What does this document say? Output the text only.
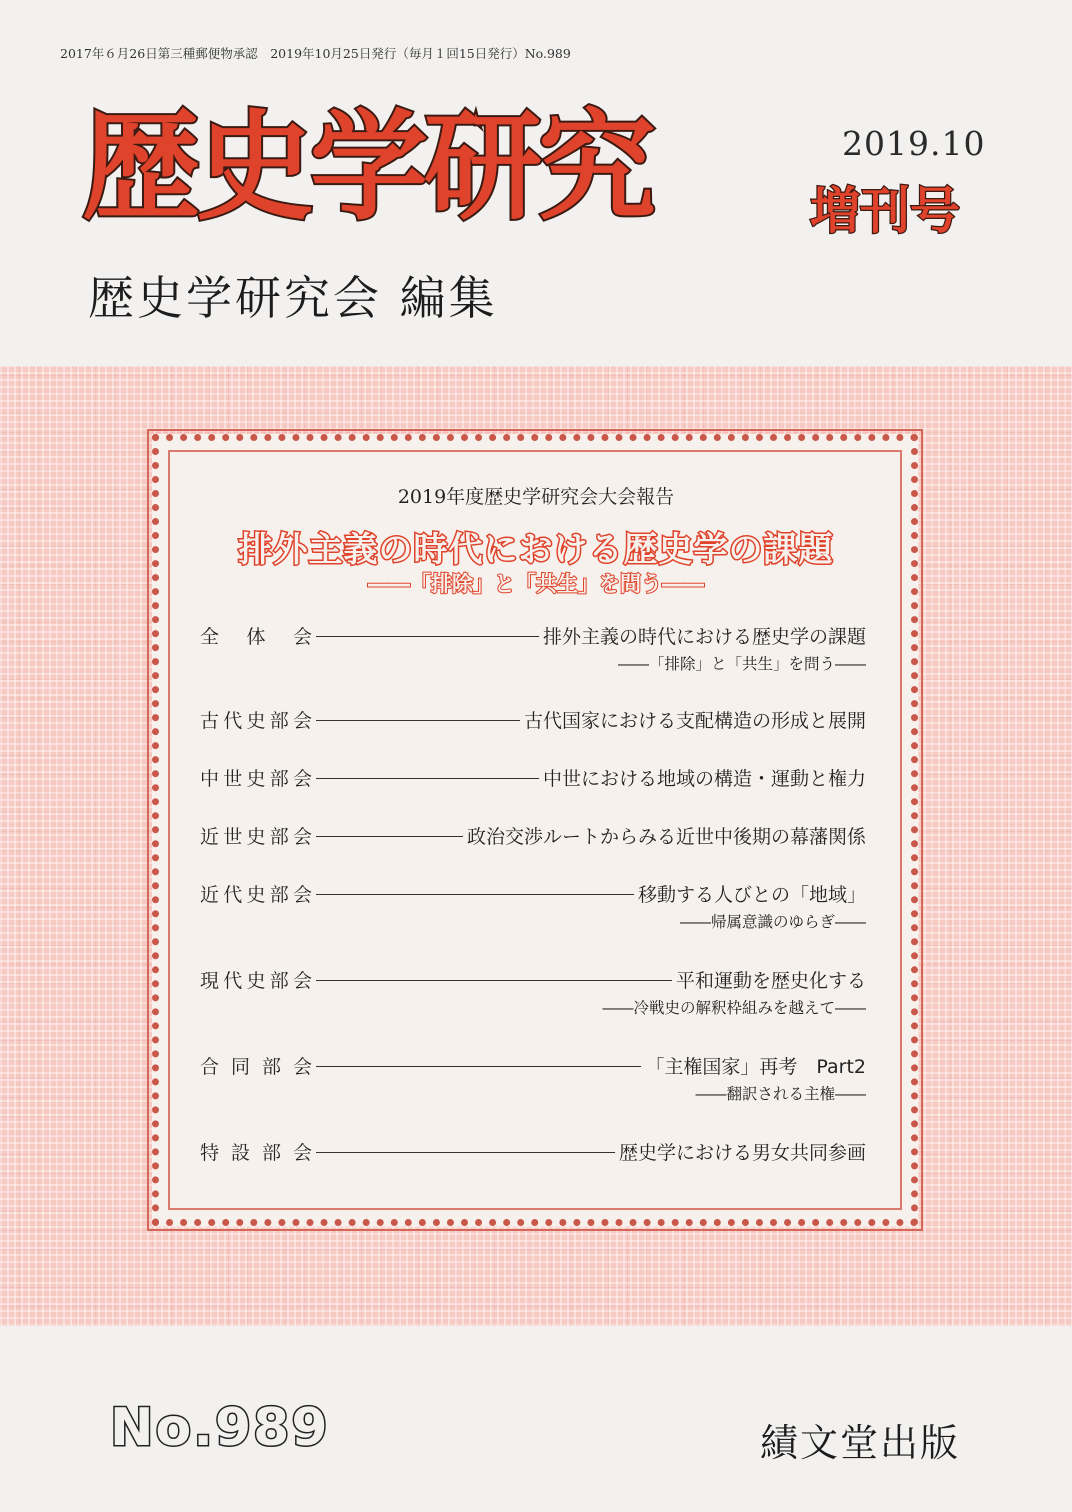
2017年６月26日第三種郵便物承認　2019年10月25日発行（毎月１回15日発行）No.989
歴史学研究	2019.10
増刊号
歴史学研究会 編集
2019年度歴史学研究会大会報告
排外主義の時代における歴史学の課題
――「排除」と「共生」を問う――
全 体 会	排外主義の時代における歴史学の課題
――「排除」と「共生」を問う――
古代史部会	古代国家における支配構造の形成と展開
中世史部会	中世における地域の構造・運動と権力
近世史部会	政治交渉ルートからみる近世中後期の幕藩関係
近代史部会	移動する人びとの「地域」
――帰属意識のゆらぎ――
現代史部会	平和運動を歴史化する
――冷戦史の解釈枠組みを越えて――
合 同 部 会	「主権国家」再考　Part2
――翻訳される主権――
特 設 部 会	歴史学における男女共同参画
No.989	績文堂出版
